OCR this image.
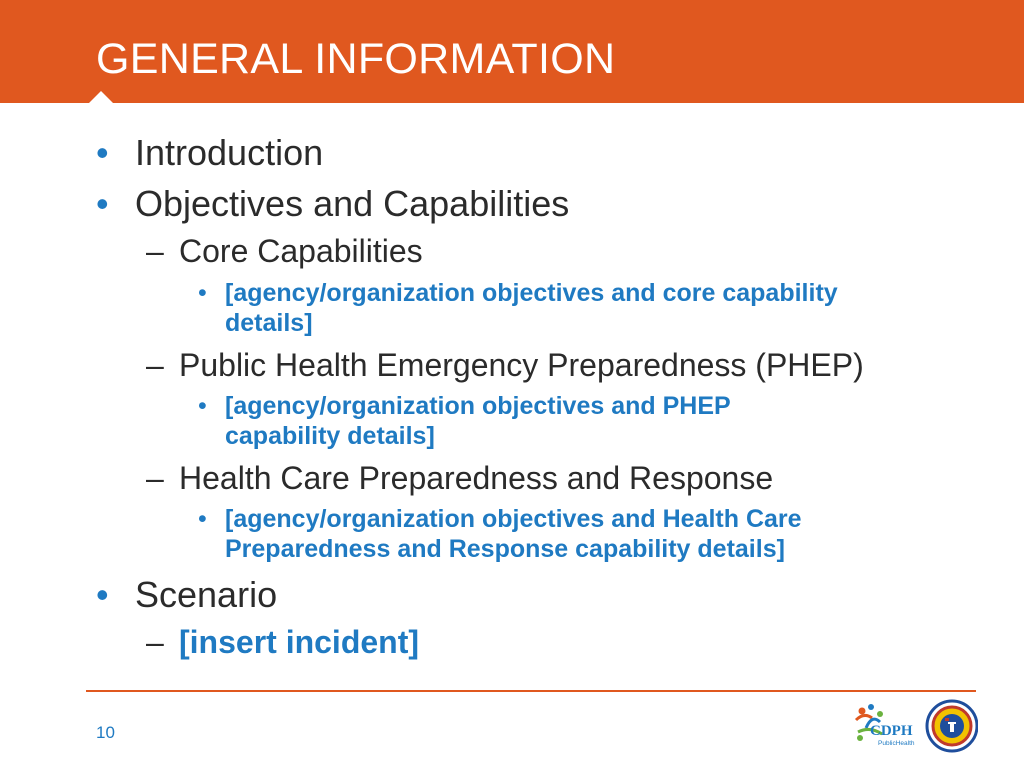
GENERAL INFORMATION
• Introduction
• Objectives and Capabilities
– Core Capabilities
• [agency/organization objectives and core capability
details]
– Public Health Emergency Preparedness (PHEP)
• [agency/organization objectives and PHEP
capability details]
– Health Care Preparedness and Response
• [agency/organization objectives and Health Care
Preparedness and Response capability details]
• Scenario
– [insert incident]
10	CDPH
PublicHealth
